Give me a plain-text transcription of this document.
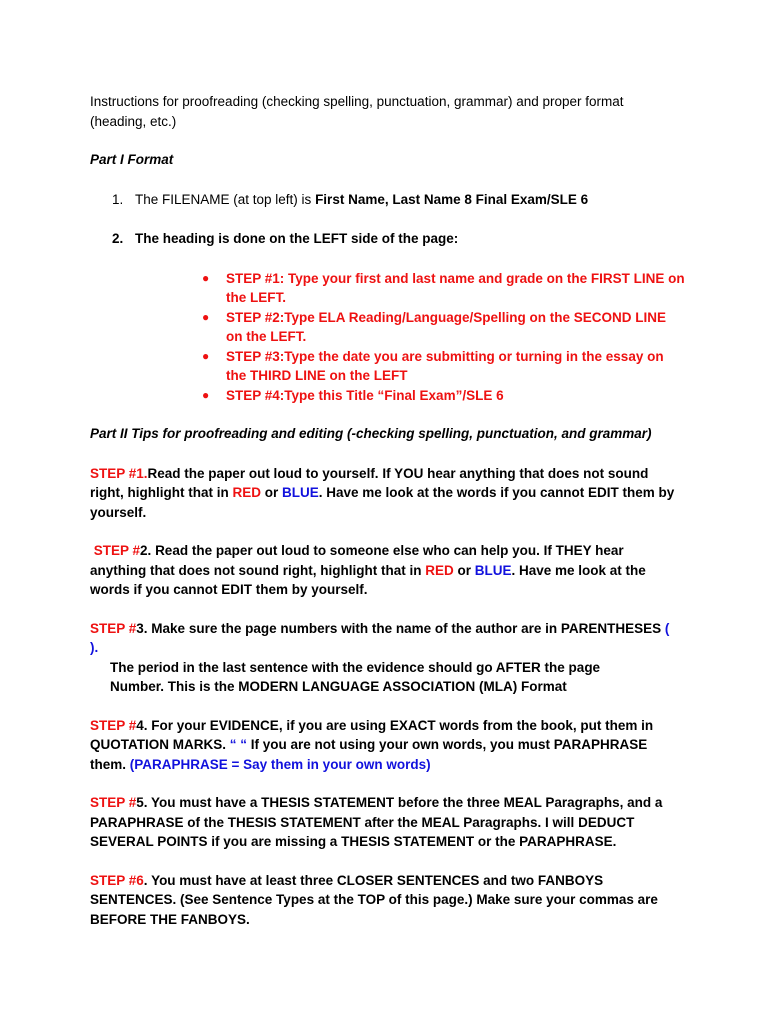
Instructions for proofreading (checking spelling, punctuation, grammar) and proper format (heading, etc.)

Part I Format

1. The FILENAME (at top left) is First Name, Last Name 8 Final Exam/SLE 6
2. The heading is done on the LEFT side of the page:
● STEP #1: Type your first and last name and grade on the FIRST LINE on the LEFT.
● STEP #2:Type ELA Reading/Language/Spelling on the SECOND LINE on the LEFT.
● STEP #3:Type the date you are submitting or turning in the essay on the THIRD LINE on the LEFT
● STEP #4:Type this Title “Final Exam”/SLE 6

Part II Tips for proofreading and editing (-checking spelling, punctuation, and grammar)

STEP #1.Read the paper out loud to yourself. If YOU hear anything that does not sound right, highlight that in RED or BLUE. Have me look at the words if you cannot EDIT them by yourself.

STEP #2. Read the paper out loud to someone else who can help you. If THEY hear anything that does not sound right, highlight that in RED or BLUE. Have me look at the words if you cannot EDIT them by yourself.

STEP #3. Make sure the page numbers with the name of the author are in PARENTHESES ( ).
The period in the last sentence with the evidence should go AFTER the page
Number. This is the MODERN LANGUAGE ASSOCIATION (MLA) Format

STEP #4. For your EVIDENCE, if you are using EXACT words from the book, put them in QUOTATION MARKS. “ “ If you are not using your own words, you must PARAPHRASE them. (PARAPHRASE = Say them in your own words)

STEP #5. You must have a THESIS STATEMENT before the three MEAL Paragraphs, and a PARAPHRASE of the THESIS STATEMENT after the MEAL Paragraphs. I will DEDUCT SEVERAL POINTS if you are missing a THESIS STATEMENT or the PARAPHRASE.

STEP #6. You must have at least three CLOSER SENTENCES and two FANBOYS SENTENCES. (See Sentence Types at the TOP of this page.) Make sure your commas are BEFORE THE FANBOYS.
